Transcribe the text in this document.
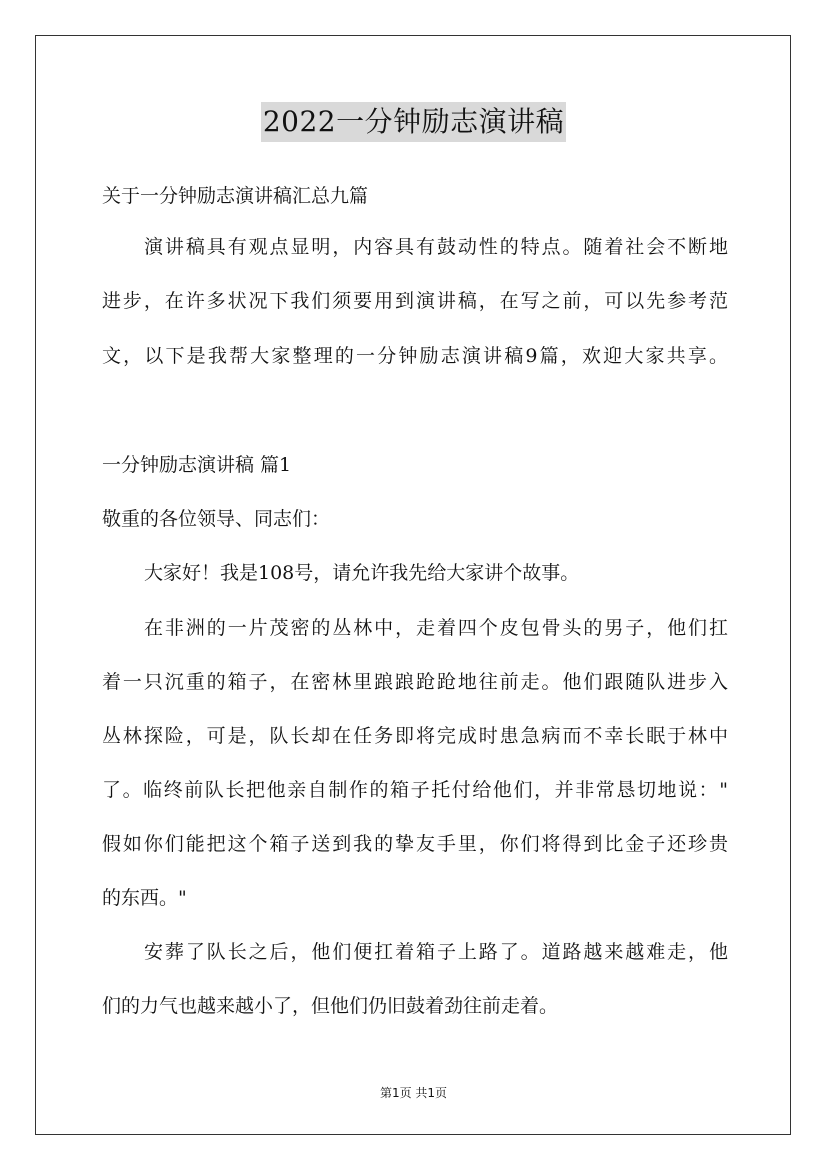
2022一分钟励志演讲稿
关于一分钟励志演讲稿汇总九篇
演讲稿具有观点显明，内容具有鼓动性的特点。随着社会不断地
进步，在许多状况下我们须要用到演讲稿，在写之前，可以先参考范
文，以下是我帮大家整理的一分钟励志演讲稿9篇，欢迎大家共享。
一分钟励志演讲稿 篇1
敬重的各位领导、同志们：
大家好！我是108号，请允许我先给大家讲个故事。
在非洲的一片茂密的丛林中，走着四个皮包骨头的男子，他们扛
着一只沉重的箱子，在密林里踉踉跄跄地往前走。他们跟随队进步入
丛林探险，可是，队长却在任务即将完成时患急病而不幸长眠于林中
了。临终前队长把他亲自制作的箱子托付给他们，并非常恳切地说："
假如你们能把这个箱子送到我的挚友手里，你们将得到比金子还珍贵
的东西。"
安葬了队长之后，他们便扛着箱子上路了。道路越来越难走，他
们的力气也越来越小了，但他们仍旧鼓着劲往前走着。
第1页 共1页
